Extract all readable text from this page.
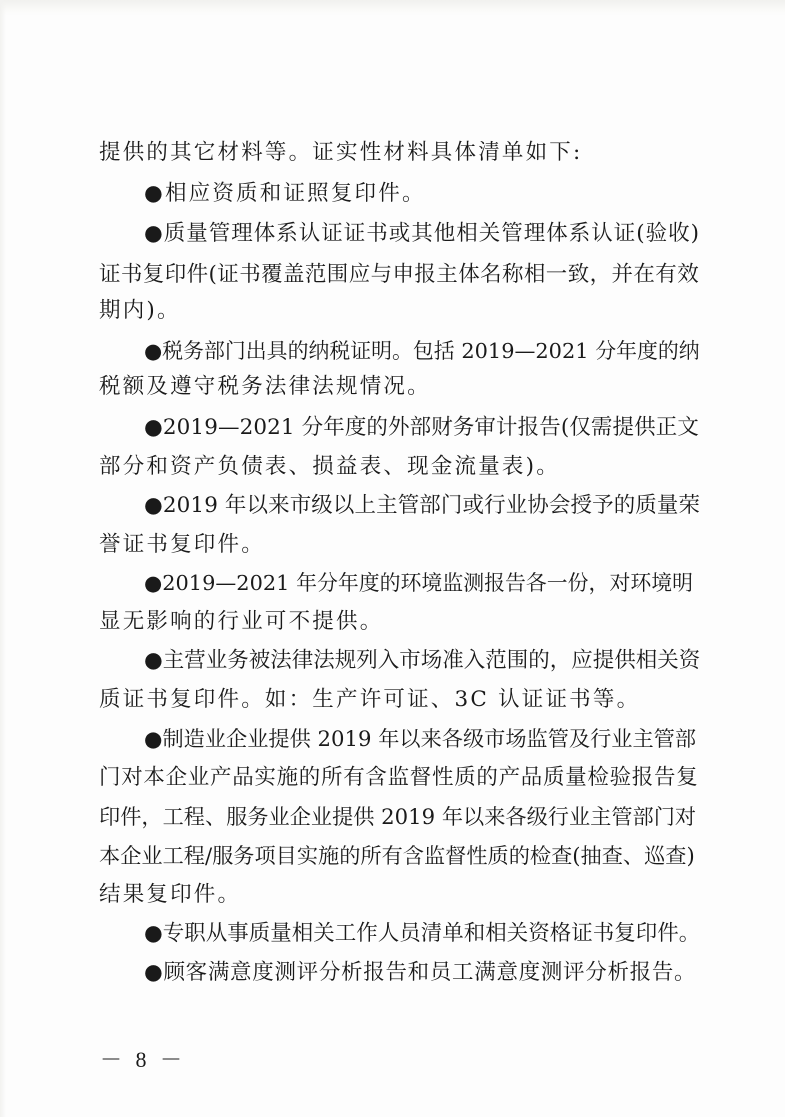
提供的其它材料等。证实性材料具体清单如下:
●相应资质和证照复印件。
●质量管理体系认证证书或其他相关管理体系认证(验收)
证书复印件(证书覆盖范围应与申报主体名称相一致，并在有效
期内)。
●税务部门出具的纳税证明。包括 2019—2021 分年度的纳
税额及遵守税务法律法规情况。
●2019—2021 分年度的外部财务审计报告(仅需提供正文
部分和资产负债表、损益表、现金流量表)。
●2019 年以来市级以上主管部门或行业协会授予的质量荣
誉证书复印件。
●2019—2021 年分年度的环境监测报告各一份，对环境明
显无影响的行业可不提供。
●主营业务被法律法规列入市场准入范围的，应提供相关资
质证书复印件。如：生产许可证、3C 认证证书等。
●制造业企业提供 2019 年以来各级市场监管及行业主管部
门对本企业产品实施的所有含监督性质的产品质量检验报告复
印件，工程、服务业企业提供 2019 年以来各级行业主管部门对
本企业工程/服务项目实施的所有含监督性质的检查(抽查、巡查)
结果复印件。
●专职从事质量相关工作人员清单和相关资格证书复印件。
●顾客满意度测评分析报告和员工满意度测评分析报告。
－ 8 －
